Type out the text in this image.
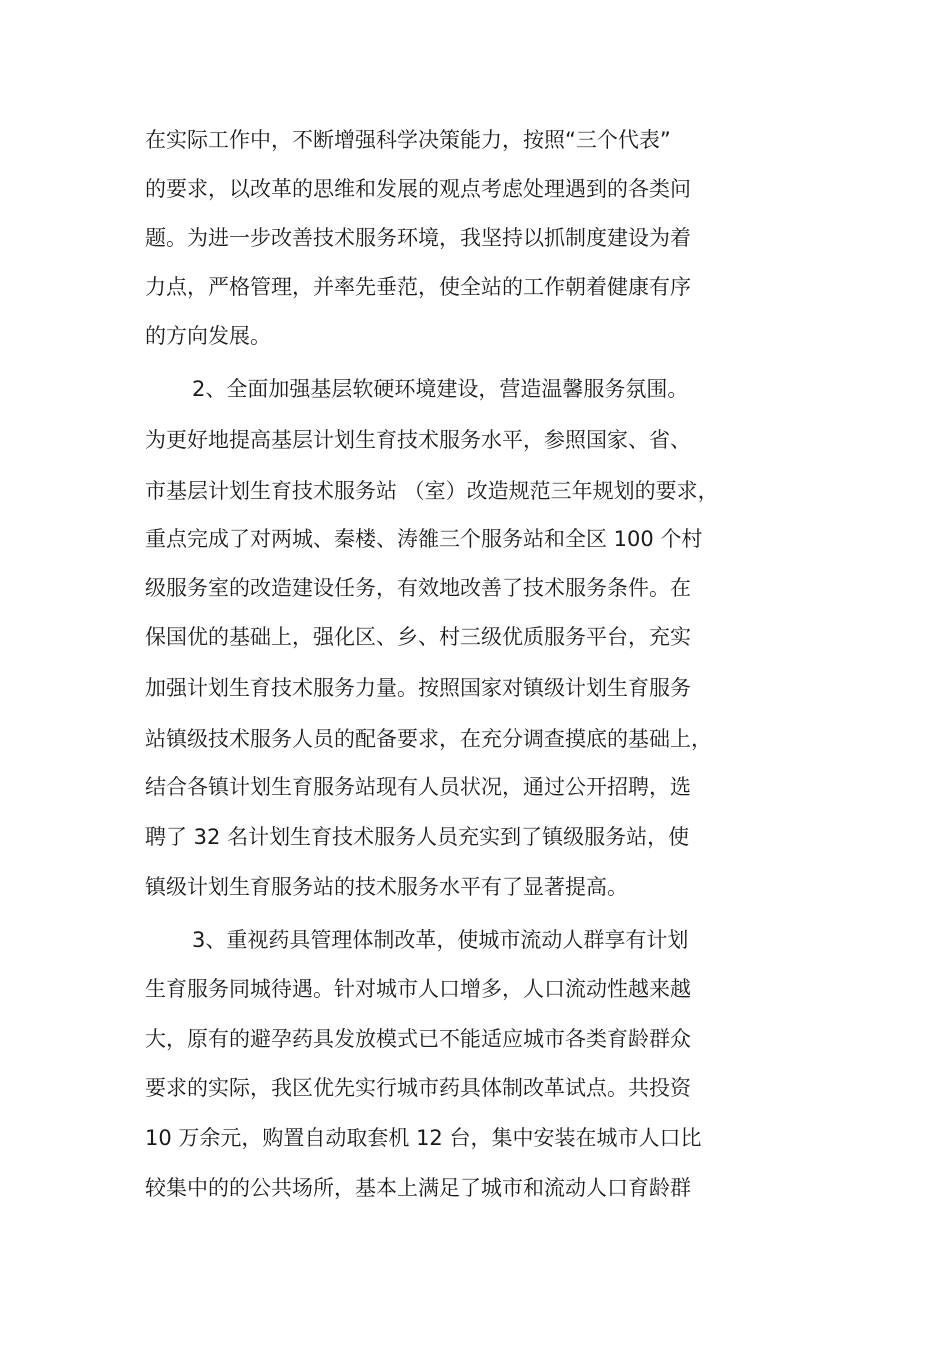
在实际工作中，不断增强科学决策能力，按照“三个代表”
的要求，以改革的思维和发展的观点考虑处理遇到的各类问
题。为进一步改善技术服务环境，我坚持以抓制度建设为着
力点，严格管理，并率先垂范，使全站的工作朝着健康有序
的方向发展。
2、全面加强基层软硬环境建设，营造温馨服务氛围。
为更好地提高基层计划生育技术服务水平，参照国家、省、
市基层计划生育技术服务站 （室）改造规范三年规划的要求，
重点完成了对两城、秦楼、涛雒三个服务站和全区 100 个村
级服务室的改造建设任务，有效地改善了技术服务条件。在
保国优的基础上，强化区、乡、村三级优质服务平台，充实
加强计划生育技术服务力量。按照国家对镇级计划生育服务
站镇级技术服务人员的配备要求，在充分调查摸底的基础上，
结合各镇计划生育服务站现有人员状况，通过公开招聘，选
聘了 32 名计划生育技术服务人员充实到了镇级服务站，使
镇级计划生育服务站的技术服务水平有了显著提高。
3、重视药具管理体制改革，使城市流动人群享有计划
生育服务同城待遇。针对城市人口增多，人口流动性越来越
大，原有的避孕药具发放模式已不能适应城市各类育龄群众
要求的实际，我区优先实行城市药具体制改革试点。共投资
10 万余元，购置自动取套机 12 台，集中安装在城市人口比
较集中的的公共场所，基本上满足了城市和流动人口育龄群
